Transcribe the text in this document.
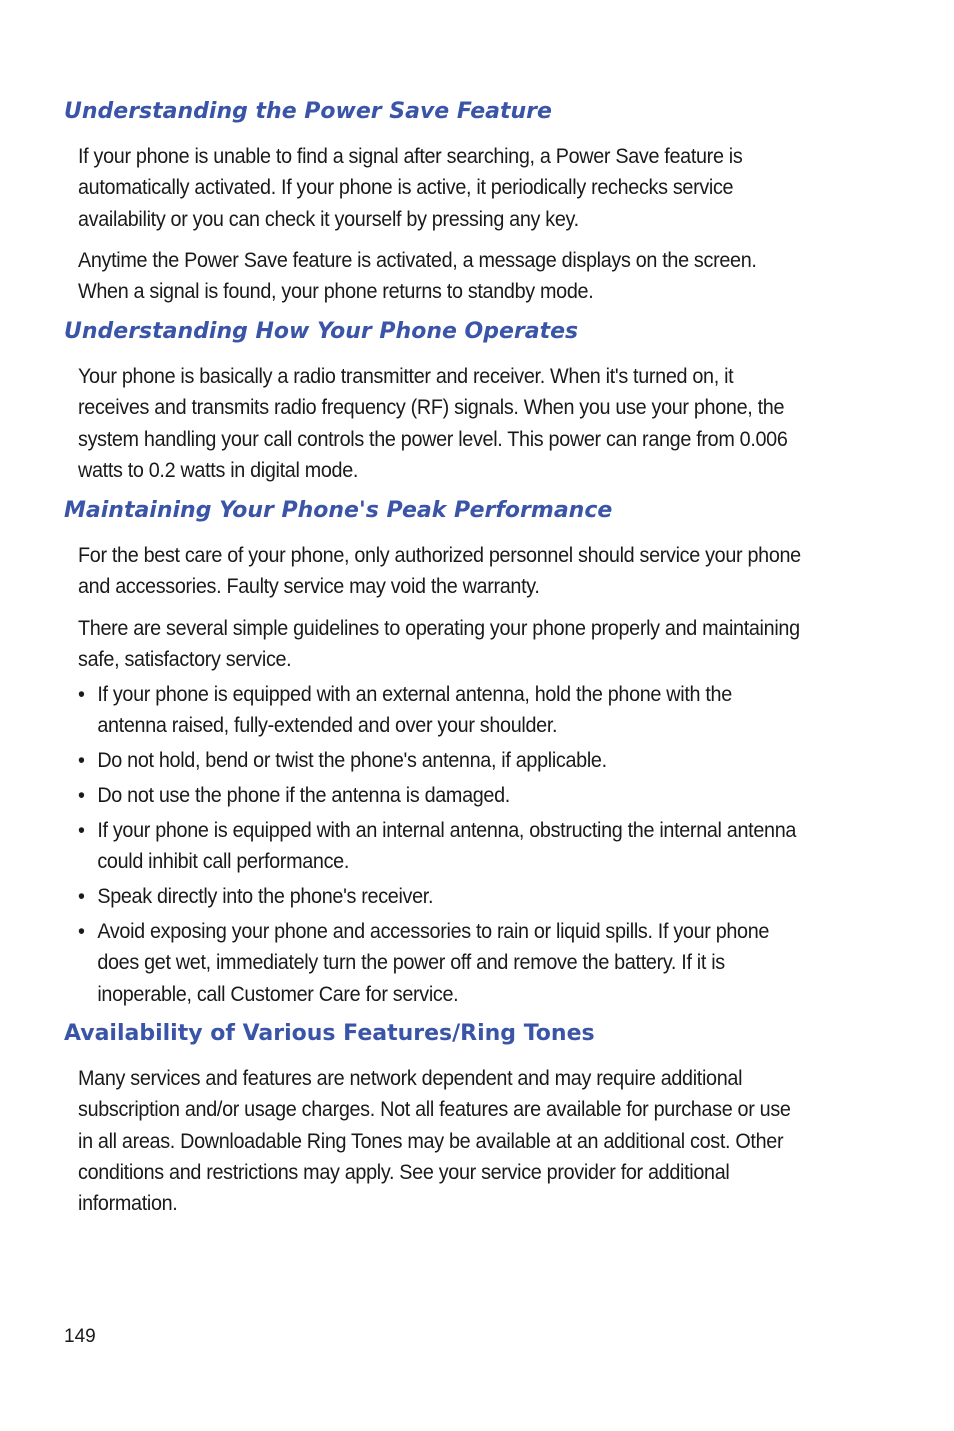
Understanding the Power Save Feature

If your phone is unable to find a signal after searching, a Power Save feature is automatically activated. If your phone is active, it periodically rechecks service availability or you can check it yourself by pressing any key.

Anytime the Power Save feature is activated, a message displays on the screen. When a signal is found, your phone returns to standby mode.

Understanding How Your Phone Operates

Your phone is basically a radio transmitter and receiver. When it's turned on, it receives and transmits radio frequency (RF) signals. When you use your phone, the system handling your call controls the power level. This power can range from 0.006 watts to 0.2 watts in digital mode.

Maintaining Your Phone's Peak Performance

For the best care of your phone, only authorized personnel should service your phone and accessories. Faulty service may void the warranty.

There are several simple guidelines to operating your phone properly and maintaining safe, satisfactory service.

• If your phone is equipped with an external antenna, hold the phone with the antenna raised, fully-extended and over your shoulder.
• Do not hold, bend or twist the phone's antenna, if applicable.
• Do not use the phone if the antenna is damaged.
• If your phone is equipped with an internal antenna, obstructing the internal antenna could inhibit call performance.
• Speak directly into the phone's receiver.
• Avoid exposing your phone and accessories to rain or liquid spills. If your phone does get wet, immediately turn the power off and remove the battery. If it is inoperable, call Customer Care for service.
Availability of Various Features/Ring Tones

Many services and features are network dependent and may require additional subscription and/or usage charges. Not all features are available for purchase or use in all areas. Downloadable Ring Tones may be available at an additional cost. Other conditions and restrictions may apply. See your service provider for additional information.

149
